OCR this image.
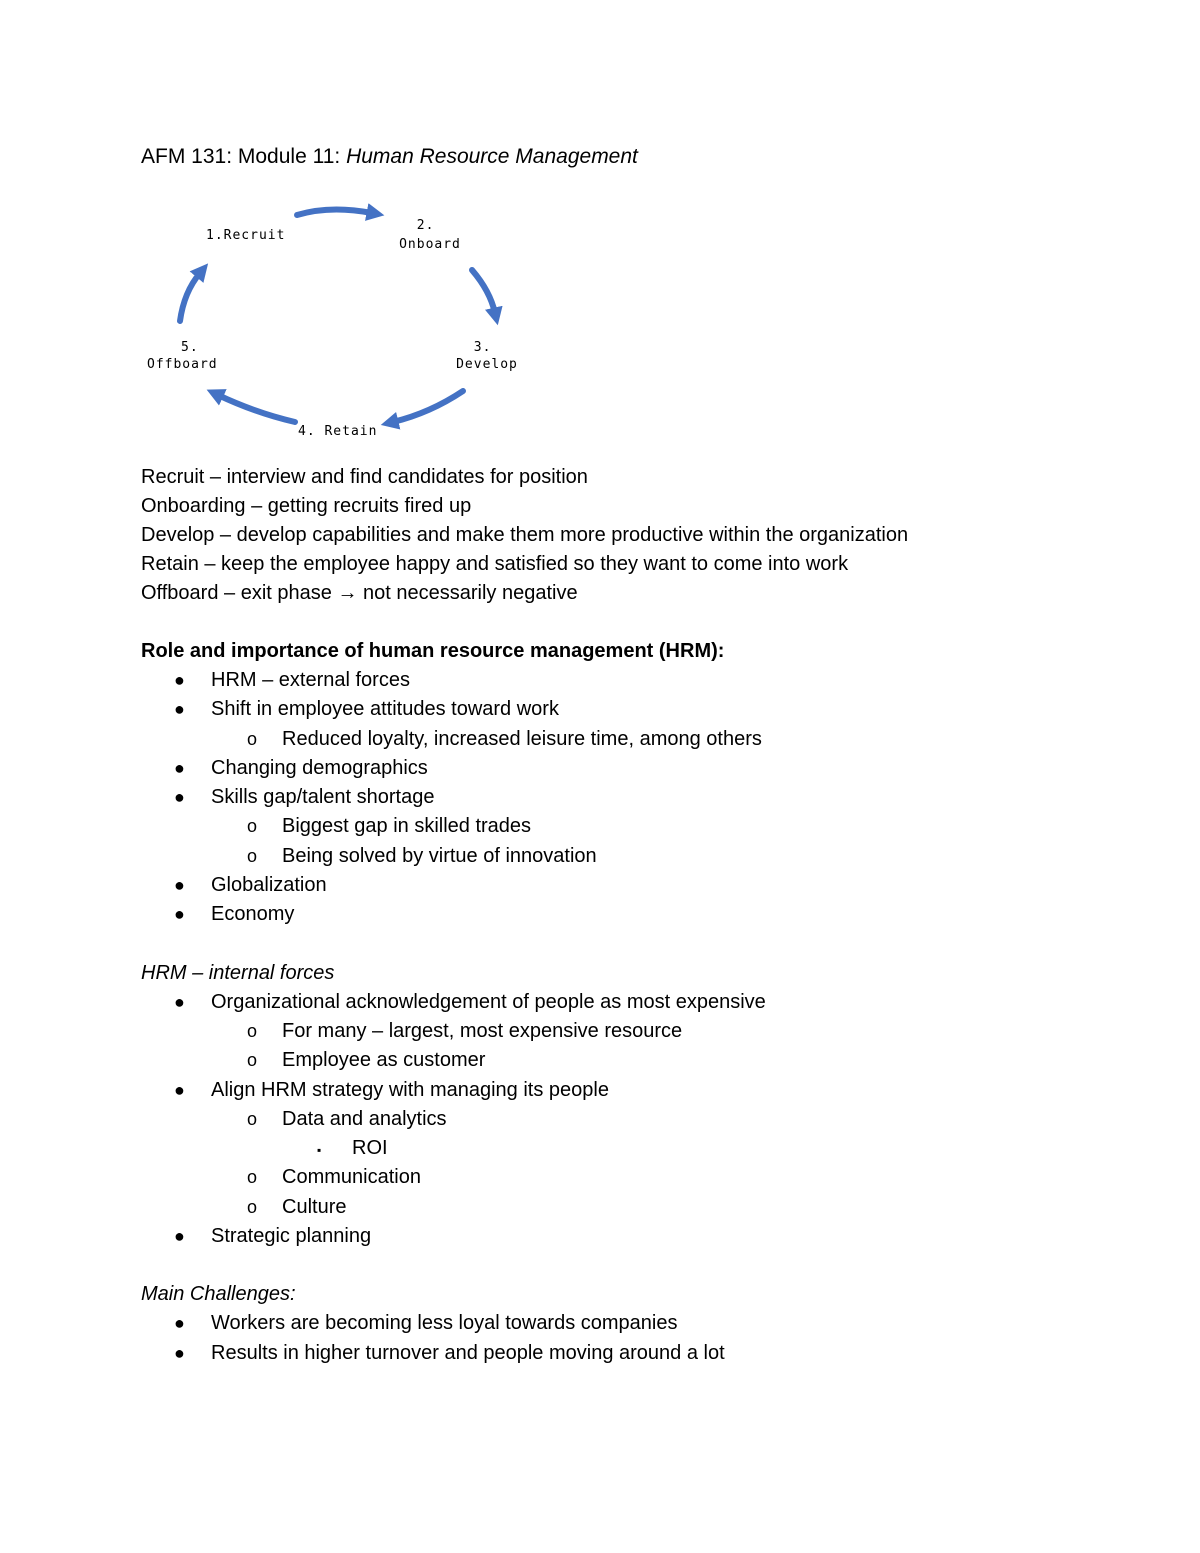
AFM 131: Module 11: Human Resource Management
1.Recruit
2. Onboard
3. Develop
4. Retain
5. Offboard
Recruit – interview and find candidates for position
Onboarding – getting recruits fired up
Develop – develop capabilities and make them more productive within the organization
Retain – keep the employee happy and satisfied so they want to come into work
Offboard – exit phase → not necessarily negative
Role and importance of human resource management (HRM):
● HRM – external forces
● Shift in employee attitudes toward work
o Reduced loyalty, increased leisure time, among others
● Changing demographics
● Skills gap/talent shortage
o Biggest gap in skilled trades
o Being solved by virtue of innovation
● Globalization
● Economy
HRM – internal forces
● Organizational acknowledgement of people as most expensive
o For many – largest, most expensive resource
o Employee as customer
● Align HRM strategy with managing its people
o Data and analytics
▪ ROI
o Communication
o Culture
● Strategic planning
Main Challenges:
● Workers are becoming less loyal towards companies
● Results in higher turnover and people moving around a lot
